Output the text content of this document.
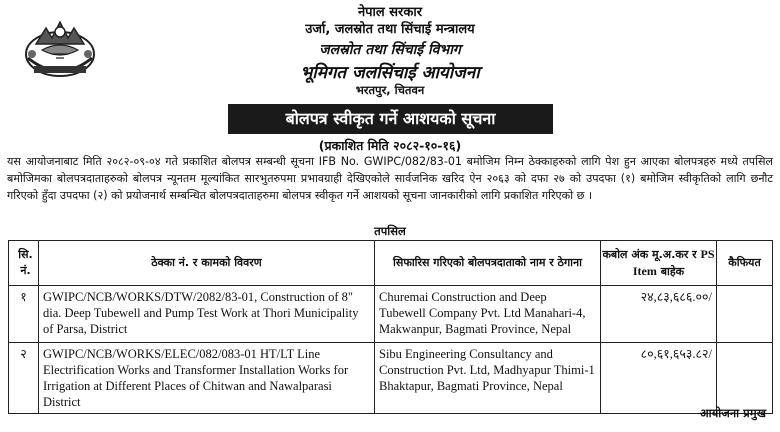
नेपाल सरकार
उर्जा, जलस्रोत तथा सिंचाई मन्त्रालय
जलस्रोत तथा सिंचाई विभाग
भूमिगत जलसिंचाई आयोजना
भरतपुर, चितवन
बोलपत्र स्वीकृत गर्ने आशयको सूचना
(प्रकाशित मिति २०८२-१०-१६)
यस आयोजनाबाट मिति २०८२-०९-०४ गते प्रकाशित बोलपत्र सम्बन्धी सूचना IFB No. GWIPC/082/83-01 बमोजिम निम्न ठेक्काहरुको लागि पेश हुन आएका बोलपत्रहरु मध्ये तपसिल बमोजिमका बोलपत्रदाताहरुको बोलपत्र न्यूनतम मूल्यांकित सारभुतरुपमा प्रभावग्राही देखिएकोले सार्वजनिक खरिद ऐन २०६३ को दफा २७ को उपदफा (१) बमोजिम स्वीकृतिको लागि छनौट गरिएको हुँदा उपदफा (२) को प्रयोजनार्थ सम्बन्धित बोलपत्रदाताहरुमा बोलपत्र स्वीकृत गर्ने आशयको सूचना जानकारीको लागि प्रकाशित गरिएको छ ।
तपसिल
सि. नं.	ठेक्का नं. र कामको विवरण	सिफारिस गरिएको बोलपत्रदाताको नाम र ठेगाना	कबोल अंक मू.अ.कर र PS Item बाहेक	कैफियत
१	GWIPC/NCB/WORKS/DTW/2082/83-01, Construction of 8" dia. Deep Tubewell and Pump Test Work at Thori Municipality of Parsa, District	Churemai Construction and Deep Tubewell Company Pvt. Ltd Manahari-4, Makwanpur, Bagmati Province, Nepal	२४,८३,६८६.००/	
२	GWIPC/NCB/WORKS/ELEC/082/083-01 HT/LT Line Electrification Works and Transformer Installation Works for Irrigation at Different Places of Chitwan and Nawalparasi District	Sibu Engineering Consultancy and Construction Pvt. Ltd, Madhyapur Thimi-1 Bhaktapur, Bagmati Province, Nepal	८०,६१,६५३.८२/	
आयोजना प्रमुख
